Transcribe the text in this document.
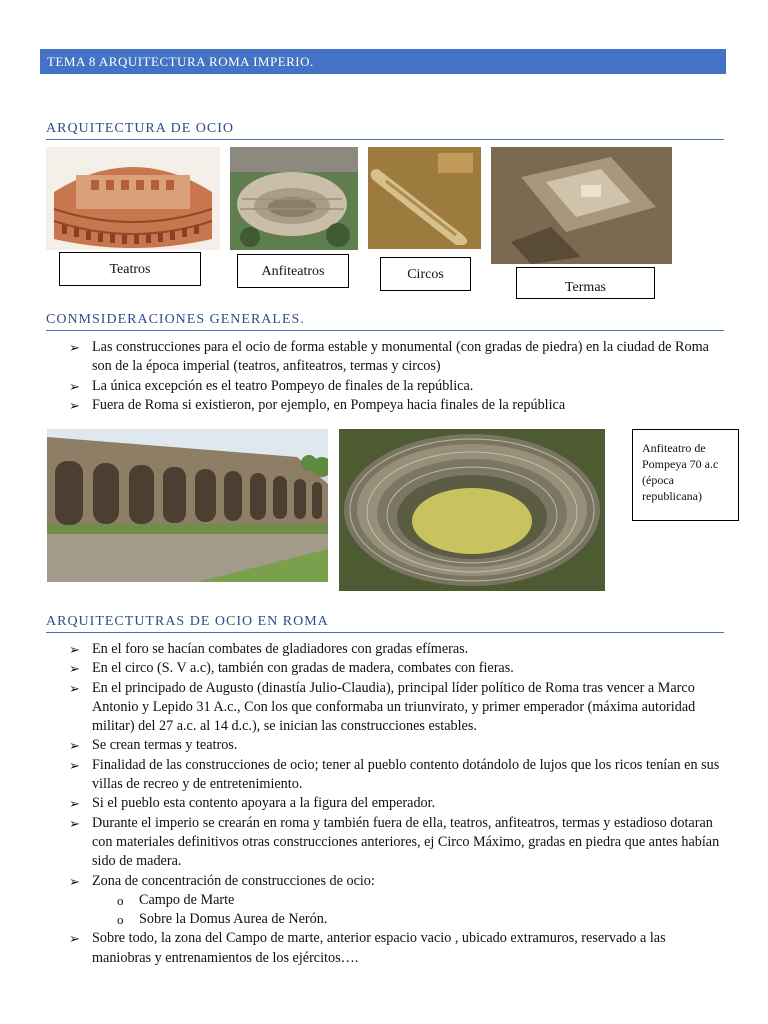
TEMA 8 ARQUITECTURA ROMA IMPERIO.
ARQUITECTURA DE OCIO
Teatros	Anfiteatros	Circos
Termas
CONMSIDERACIONES GENERALES.
➢ Las construcciones para el ocio de forma estable y monumental (con gradas de piedra) en la ciudad de Roma son de la época imperial (teatros, anfiteatros, termas y circos)
➢ La única excepción es el teatro Pompeyo de finales de la república.
➢ Fuera de Roma si existieron, por ejemplo, en Pompeya hacia finales de la república
Anfiteatro de Pompeya 70 a.c (época republicana)
ARQUITECTUTRAS DE OCIO EN ROMA
➢ En el foro se hacían combates de gladiadores con gradas efímeras.
➢ En el circo (S. V a.c), también con gradas de madera, combates con fieras.
➢ En el principado de Augusto (dinastía Julio-Claudia), principal líder político de Roma tras vencer a Marco Antonio y Lepido 31 A.c., Con los que conformaba un triunvirato, y primer emperador (máxima autoridad militar) del 27 a.c. al 14 d.c.), se inician las construcciones estables.
➢ Se crean termas y teatros.
➢ Finalidad de las construcciones de ocio; tener al pueblo contento dotándolo de lujos que los ricos tenían en sus villas de recreo y de entretenimiento.
➢ Si el pueblo esta contento apoyara a la figura del emperador.
➢ Durante el imperio se crearán en roma y también fuera de ella, teatros, anfiteatros, termas y estadioso dotaran con materiales definitivos otras construcciones anteriores, ej Circo Máximo, gradas en piedra que antes habían sido de madera.
➢ Zona de concentración de construcciones de ocio:
o Campo de Marte
o Sobre la Domus Aurea de Nerón.
➢ Sobre todo, la zona del Campo de marte, anterior espacio vacio , ubicado extramuros, reservado a las maniobras y entrenamientos de los ejércitos….
